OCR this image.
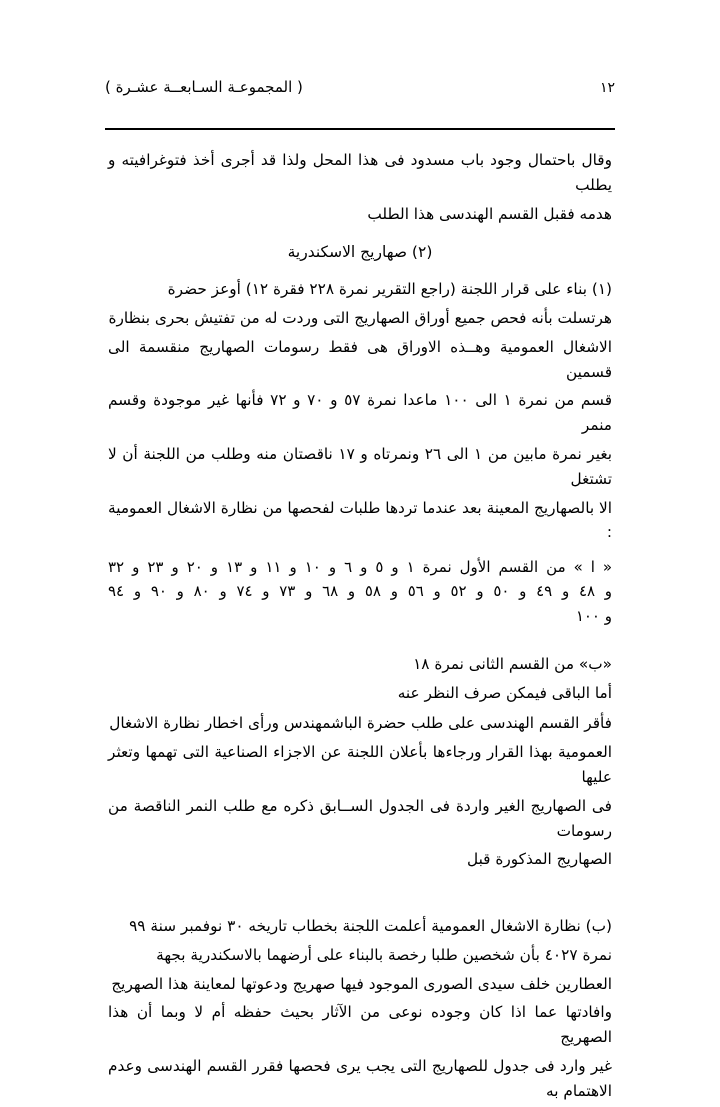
( المجموعـة السـابعــة عشـرة )	١٢
وقال باحتمال وجود باب مسدود فى هذا المحل ولذا قد أجرى أخذ فتوغرافيته و يطلب
هدمه فقبل القسم الهندسى هذا الطلب
(٢) صهاريج الاسكندرية
(١) بناء على قرار اللجنة (راجع التقرير نمرة ٢٢٨ فقرة ١٢) أوعز حضرة
هرتسلت بأنه فحص جميع أوراق الصهاريج التى وردت له من تفتيش بحرى بنظارة
الاشغال العمومية وهــذه الاوراق هى فقط رسومات الصهاريج منقسمة الى قسمين
قسم من نمرة ١ الى ١٠٠ ماعدا نمرة ٥٧ و ٧٠ و ٧٢ فأنها غير موجودة وقسم منمر
بغير نمرة مابين من ١ الى ٢٦ ونمرتاه و ١٧ ناقصتان منه وطلب من اللجنة أن لا تشتغل
الا بالصهاريج المعينة بعد عندما تردها طلبات لفحصها من نظارة الاشغال العمومية :
« ا » من القسم الأول نمرة ١ و ٥ و ٦ و ١٠ و ١١ و ١٣ و ٢٠ و ٢٣ و ٣٢
و ٤٨ و ٤٩ و ٥٠ و ٥٢ و ٥٦ و ٥٨ و ٦٨ و ٧٣ و ٧٤ و ٨٠ و ٩٠ و ٩٤
و ١٠٠
«ب» من القسم الثانى نمرة ١٨
أما الباقى فيمكن صرف النظر عنه
فأقر القسم الهندسى على طلب حضرة الباشمهندس ورأى اخطار نظارة الاشغال
العمومية بهذا القرار ورجاءها بأعلان اللجنة عن الاجزاء الصناعية التى تهمها وتعثر عليها
فى الصهاريج الغير واردة فى الجدول الســابق ذكره مع طلب النمر الناقصة من رسومات
الصهاريج المذكورة قبل
(ب) نظارة الاشغال العمومية أعلمت اللجنة بخطاب تاريخه ٣٠ نوفمبر سنة ٩٩
نمرة ٤٠٢٧ بأن شخصين طلبا رخصة بالبناء على أرضهما بالاسكندرية بجهة
العطارين خلف سيدى الصورى الموجود فيها صهريج ودعوتها لمعاينة هذا الصهريج
وافادتها عما اذا كان وجوده نوعى من الآثار بحيث حفظه أم لا وبما أن هذا الصهريج
غير وارد فى جدول للصهاريج التى يجب يرى فحصها فقرر القسم الهندسى وعدم الاهتمام به
